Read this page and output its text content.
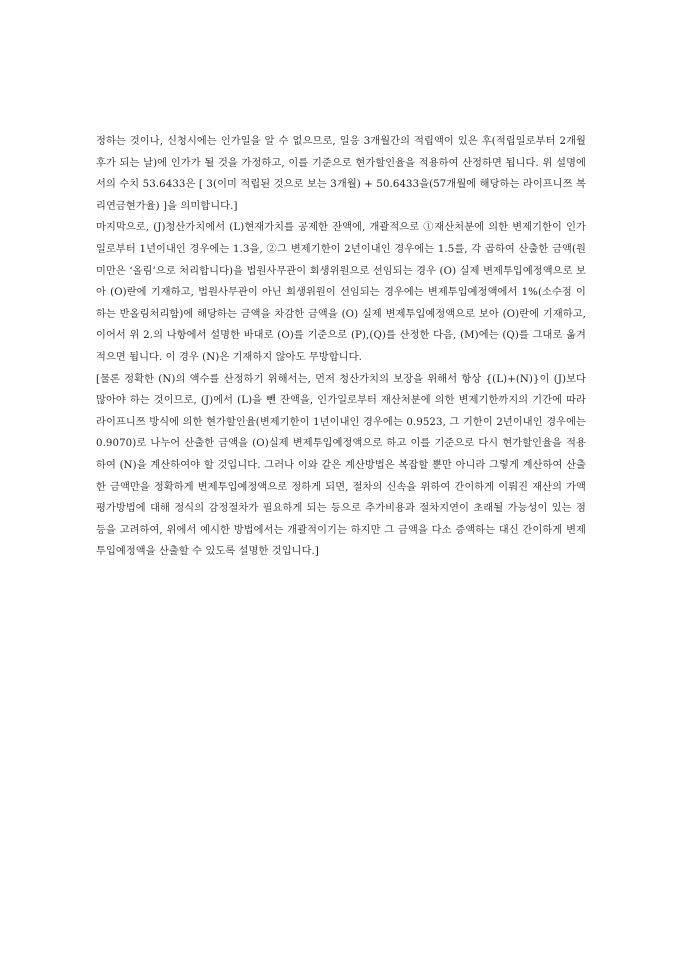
정하는 것이나, 신청시에는 인가일을 알 수 없으므로, 일응 3개월간의 적립액이 있은 후(적립일로부터 2개월 후가 되는 날)에 인가가 될 것을 가정하고, 이를 기준으로 현가할인율을 적용하여 산정하면 됩니다. 위 설명에서의 수치 53.6433은 [ 3(이미 적립된 것으로 보는 3개월) + 50.6433을(57개월에 해당하는 라이프니쯔 복리연금현가율) ]을 의미합니다.]

마지막으로, (J)청산가치에서 (L)현재가치를 공제한 잔액에, 개괄적으로 ①재산처분에 의한 변제기한이 인가일로부터 1년이내인 경우에는 1.3을, ②그 변제기한이 2년이내인 경우에는 1.5를, 각 곱하여 산출한 금액(원 미만은 ‘올림’으로 처리합니다)을 법원사무관이 회생위원으로 선임되는 경우 (O) 실제 변제투입예정액으로 보아 (O)란에 기재하고, 법원사무관이 아닌 회생위원이 선임되는 경우에는 변제투입예정액에서 1%(소수점 이하는 반올림처리함)에 해당하는 금액을 차감한 금액을 (O) 실제 변제투입예정액으로 보아 (O)란에 기재하고, 이어서 위 2.의 나항에서 설명한 바대로 (O)를 기준으로 (P),(Q)를 산정한 다음, (M)에는 (Q)를 그대로 옮겨 적으면 됩니다. 이 경우 (N)은 기재하지 않아도 무방합니다.

[물론 정확한 (N)의 액수를 산정하기 위해서는, 먼저 청산가치의 보장을 위해서 항상 {(L)+(N)}이 (J)보다 많아야 하는 것이므로, (J)에서 (L)을 뺀 잔액을, 인가일로부터 재산처분에 의한 변제기한까지의 기간에 따라 라이프니쯔 방식에 의한 현가할인율(변제기한이 1년이내인 경우에는 0.9523, 그 기한이 2년이내인 경우에는 0.9070)로 나누어 산출한 금액을 (O)실제 변제투입예정액으로 하고 이를 기준으로 다시 현가할인율을 적용하여 (N)을 계산하여야 할 것입니다. 그러나 이와 같은 계산방법은 복잡할 뿐만 아니라 그렇게 계산하여 산출한 금액만을 정확하게 변제투입예정액으로 정하게 되면, 절차의 신속을 위하여 간이하게 이뤄진 재산의 가액평가방법에 대해 정식의 감정절차가 필요하게 되는 등으로 추가비용과 절차지연이 초래될 가능성이 있는 점 등을 고려하여, 위에서 예시한 방법에서는 개괄적이기는 하지만 그 금액을 다소 증액하는 대신 간이하게 변제투입예정액을 산출할 수 있도록 설명한 것입니다.]
